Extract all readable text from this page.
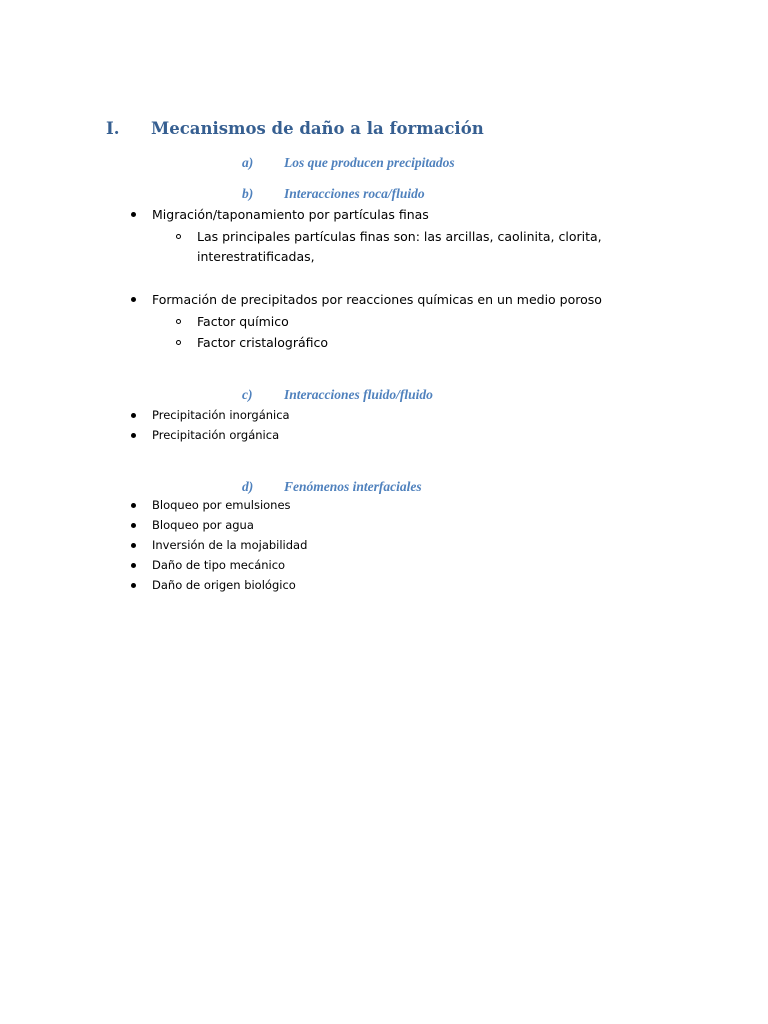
I. Mecanismos de daño a la formación
a) Los que producen precipitados
b) Interacciones roca/fluido
Migración/taponamiento por partículas finas
Las principales partículas finas son: las arcillas, caolinita, clorita,
interestratificadas,
Formación de precipitados por reacciones químicas en un medio poroso
Factor químico
Factor cristalográfico
c) Interacciones fluido/fluido
Precipitación inorgánica
Precipitación orgánica
d) Fenómenos interfaciales
Bloqueo por emulsiones
Bloqueo por agua
Inversión de la mojabilidad
Daño de tipo mecánico
Daño de origen biológico
